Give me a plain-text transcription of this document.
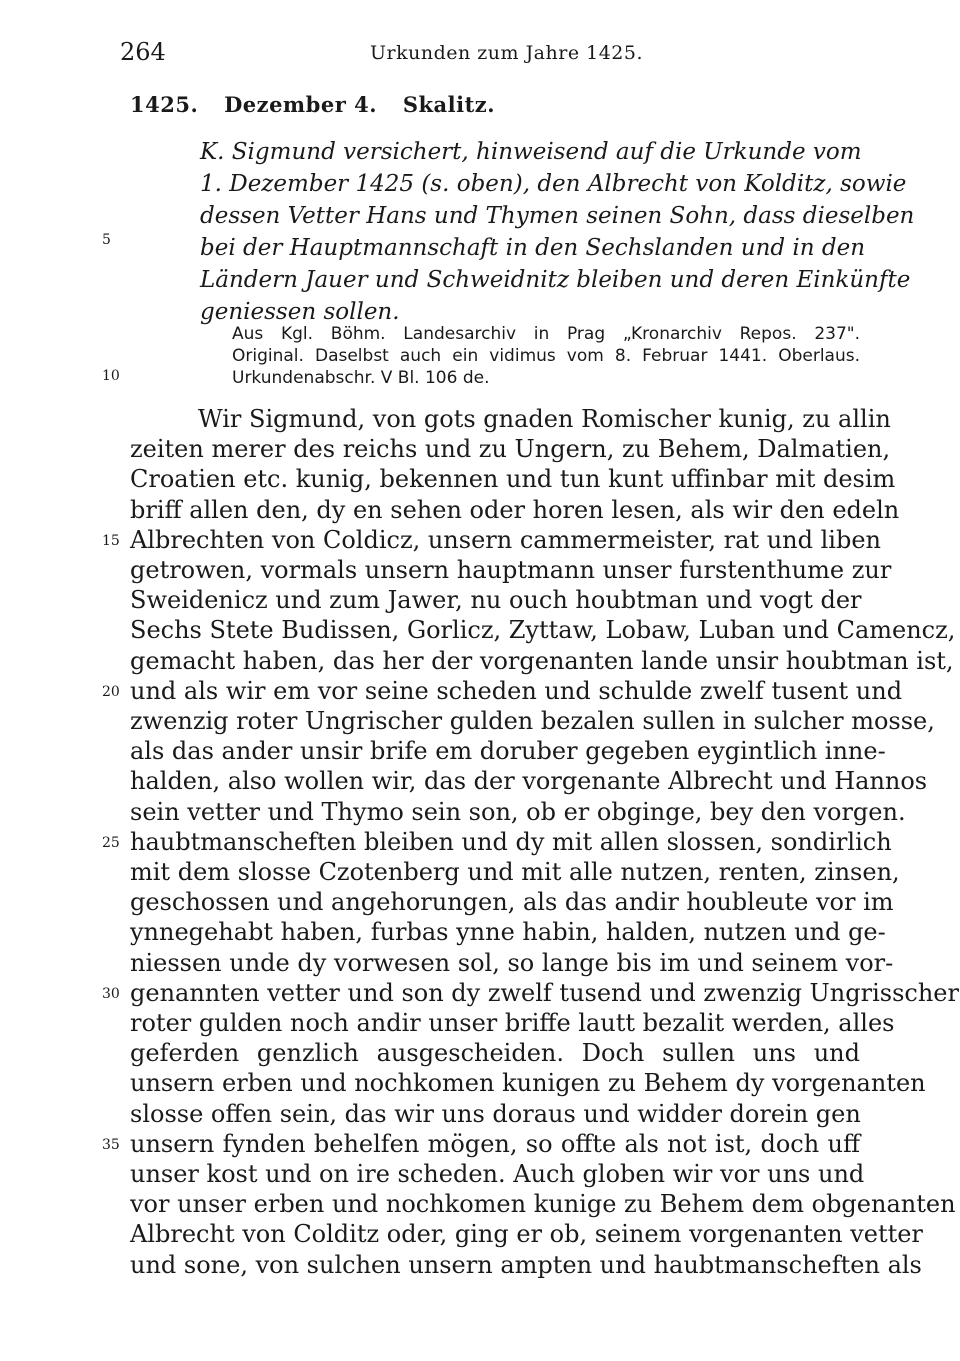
264	Urkunden zum Jahre 1425.
1425. Dezember 4. Skalitz.

K. Sigmund versichert, hinweisend auf die Urkunde vom
1. Dezember 1425 (s. oben), den Albrecht von Kolditz, sowie
dessen Vetter Hans und Thymen seinen Sohn, dass dieselben
bei der Hauptmannschaft in den Sechslanden und in den
Ländern Jauer und Schweidnitz bleiben und deren Einkünfte
geniessen sollen.

Aus Kgl. Böhm. Landesarchiv in Prag „Kronarchiv Repos. 237".
Original. Daselbst auch ein vidimus vom 8. Februar 1441. Oberlaus.
Urkundenabschr. V Bl. 106 de.

Wir Sigmund, von gots gnaden Romischer kunig, zu allin
zeiten merer des reichs und zu Ungern, zu Behem, Dalmatien,
Croatien etc. kunig, bekennen und tun kunt uffinbar mit desim
briff allen den, dy en sehen oder horen lesen, als wir den edeln
Albrechten von Coldicz, unsern cammermeister, rat und liben
getrowen, vormals unsern hauptmann unser furstenthume zur
Sweidenicz und zum Jawer, nu ouch houbtman und vogt der
Sechs Stete Budissen, Gorlicz, Zyttaw, Lobaw, Luban und Camencz,
gemacht haben, das her der vorgenanten lande unsir houbtman ist,
und als wir em vor seine scheden und schulde zwelf tusent und
zwenzig roter Ungrischer gulden bezalen sullen in sulcher mosse,
als das ander unsir brife em doruber gegeben eygintlich inne-
halden, also wollen wir, das der vorgenante Albrecht und Hannos
sein vetter und Thymo sein son, ob er obginge, bey den vorgen.
haubtmanscheften bleiben und dy mit allen slossen, sondirlich
mit dem slosse Czotenberg und mit alle nutzen, renten, zinsen,
geschossen und angehorungen, als das andir houbleute vor im
ynnegehabt haben, furbas ynne habin, halden, nutzen und ge-
niessen unde dy vorwesen sol, so lange bis im und seinem vor-
genannten vetter und son dy zwelf tusend und zwenzig Ungrisscher
roter gulden noch andir unser briffe lautt bezalit werden, alles
geferden genzlich ausgescheiden. Doch sullen uns und
unsern erben und nochkomen kunigen zu Behem dy vorgenanten
slosse offen sein, das wir uns doraus und widder dorein gen
unsern fynden behelfen mögen, so offte als not ist, doch uff
unser kost und on ire scheden. Auch globen wir vor uns und
vor unser erben und nochkomen kunige zu Behem dem obgenanten
Albrecht von Colditz oder, ging er ob, seinem vorgenanten vetter
und sone, von sulchen unsern ampten und haubtmanscheften als

5
10
15
20
25
30
35
